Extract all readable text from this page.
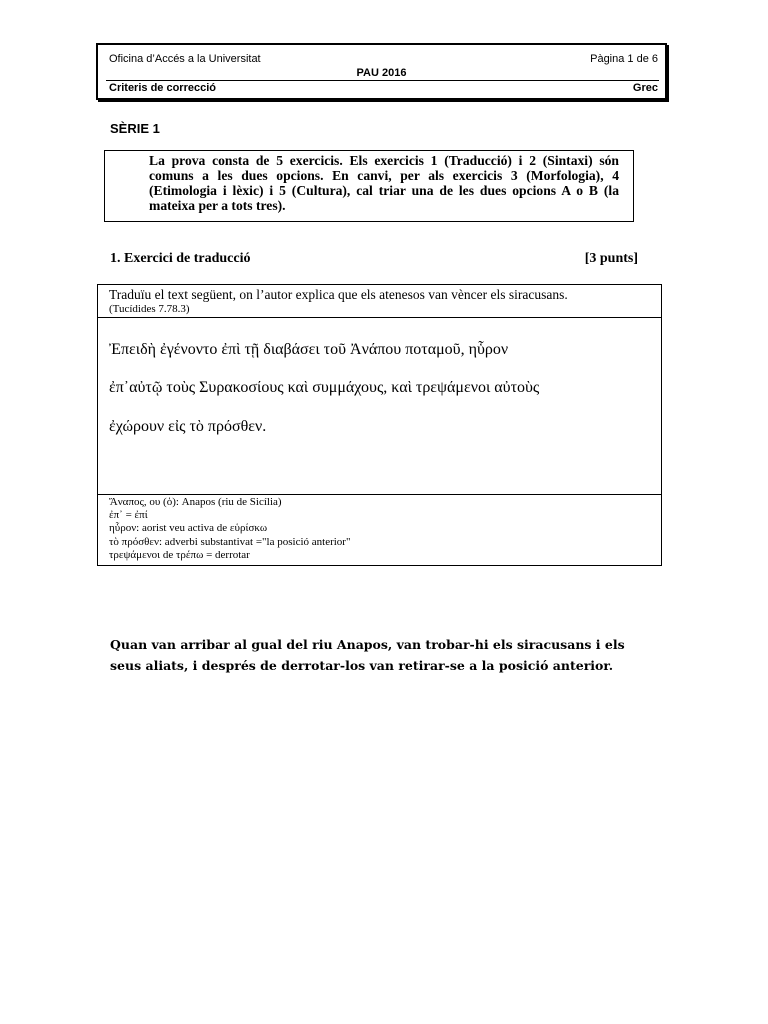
Oficina d’Accés a la Universitat	Pàgina 1 de 6
PAU 2016
Criteris de correcció	Grec
SÈRIE 1
La prova consta de 5 exercicis. Els exercicis 1 (Traducció) i 2 (Sintaxi) són comuns a les dues opcions. En canvi, per als exercicis 3 (Morfologia), 4 (Etimologia i lèxic) i 5 (Cultura), cal triar una de les dues opcions A o B (la mateixa per a tots tres).
1. Exercici de traducció	[3 punts]
Traduïu el text següent, on l’autor explica que els atenesos van vèncer els siracusans.
(Tucídides 7.78.3)
Ἐπειδὴ ἐγένοντο ἐπὶ τῇ διαβάσει τοῦ Ἀνάπου ποταμοῦ, ηὗρον
ἐπ᾽αὐτῷ τοὺς Συρακοσίους καὶ συμμάχους, καὶ τρεψάμενοι αὐτοὺς
ἐχώρουν εἰς τὸ πρόσθεν.
Ἄναπος, ου (ὁ): Anapos (riu de Sicília)
ἐπ᾽ = ἐπί
ηὗρον: aorist veu activa de εὑρίσκω
τὸ πρόσθεν: adverbi substantivat ="la posició anterior"
τρεψάμενοι de τρέπω = derrotar
Quan van arribar al gual del riu Anapos, van trobar-hi els siracusans i els seus aliats, i després de derrotar-los van retirar-se a la posició anterior.
